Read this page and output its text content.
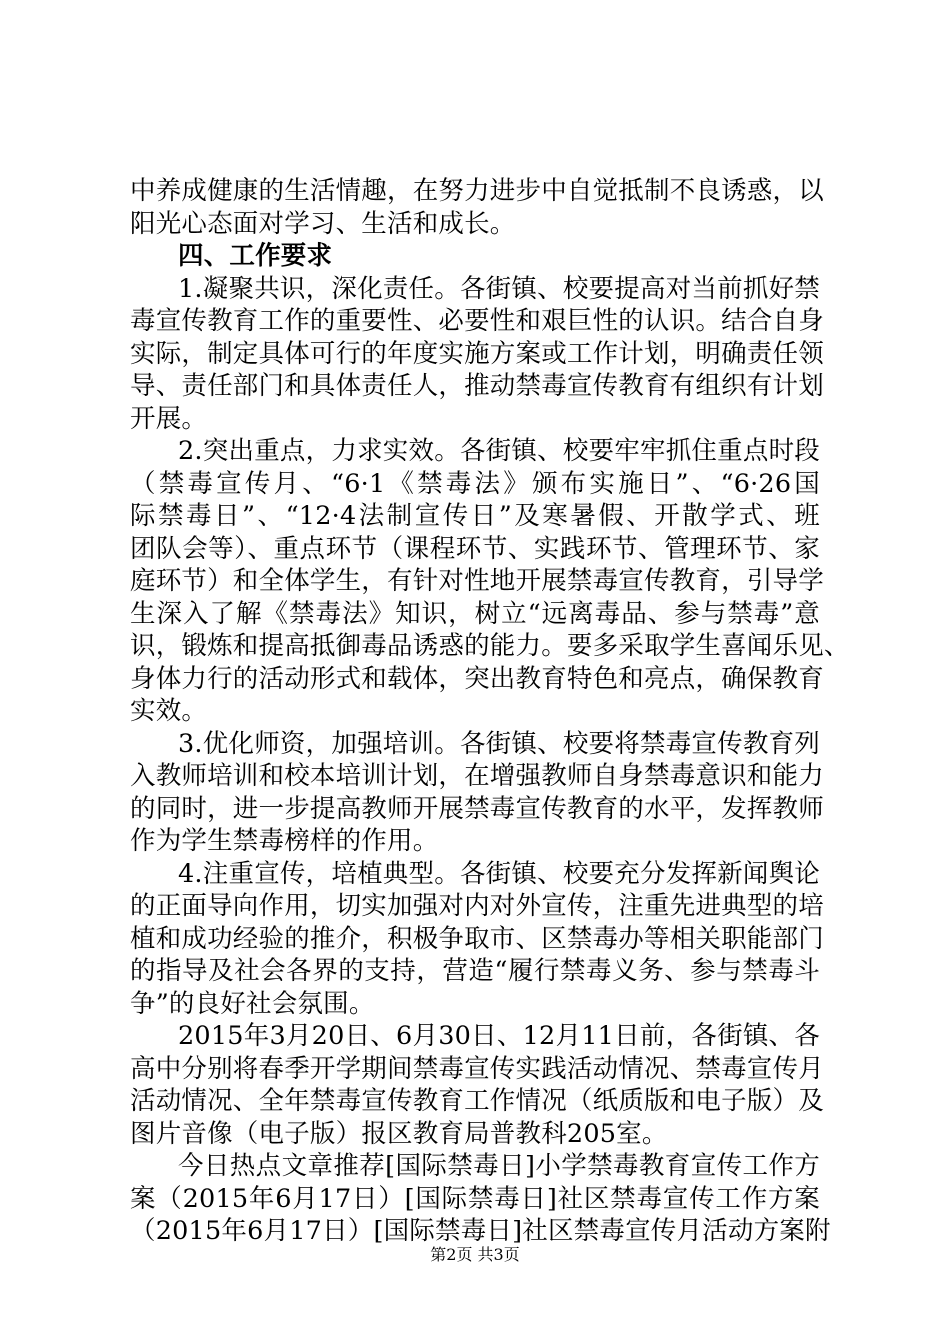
中养成健康的生活情趣，在努力进步中自觉抵制不良诱惑，以
阳光心态面对学习、生活和成长。
四、工作要求
1.凝聚共识，深化责任。各街镇、校要提高对当前抓好禁
毒宣传教育工作的重要性、必要性和艰巨性的认识。结合自身
实际，制定具体可行的年度实施方案或工作计划，明确责任领
导、责任部门和具体责任人，推动禁毒宣传教育有组织有计划
开展。
2.突出重点，力求实效。各街镇、校要牢牢抓住重点时段
（禁毒宣传月、“6·1《禁毒法》颁布实施日”、“6·26国
际禁毒日”、“12·4法制宣传日”及寒暑假、开散学式、班
团队会等）、重点环节（课程环节、实践环节、管理环节、家
庭环节）和全体学生，有针对性地开展禁毒宣传教育，引导学
生深入了解《禁毒法》知识，树立“远离毒品、参与禁毒”意
识，锻炼和提高抵御毒品诱惑的能力。要多采取学生喜闻乐见、
身体力行的活动形式和载体，突出教育特色和亮点，确保教育
实效。
3.优化师资，加强培训。各街镇、校要将禁毒宣传教育列
入教师培训和校本培训计划，在增强教师自身禁毒意识和能力
的同时，进一步提高教师开展禁毒宣传教育的水平，发挥教师
作为学生禁毒榜样的作用。
4.注重宣传，培植典型。各街镇、校要充分发挥新闻舆论
的正面导向作用，切实加强对内对外宣传，注重先进典型的培
植和成功经验的推介，积极争取市、区禁毒办等相关职能部门
的指导及社会各界的支持，营造“履行禁毒义务、参与禁毒斗
争”的良好社会氛围。
2015年3月20日、6月30日、12月11日前，各街镇、各
高中分别将春季开学期间禁毒宣传实践活动情况、禁毒宣传月
活动情况、全年禁毒宣传教育工作情况（纸质版和电子版）及
图片音像（电子版）报区教育局普教科205室。
今日热点文章推荐[国际禁毒日]小学禁毒教育宣传工作方
案（2015年6月17日）[国际禁毒日]社区禁毒宣传工作方案
（2015年6月17日）[国际禁毒日]社区禁毒宣传月活动方案附
第2页 共3页
